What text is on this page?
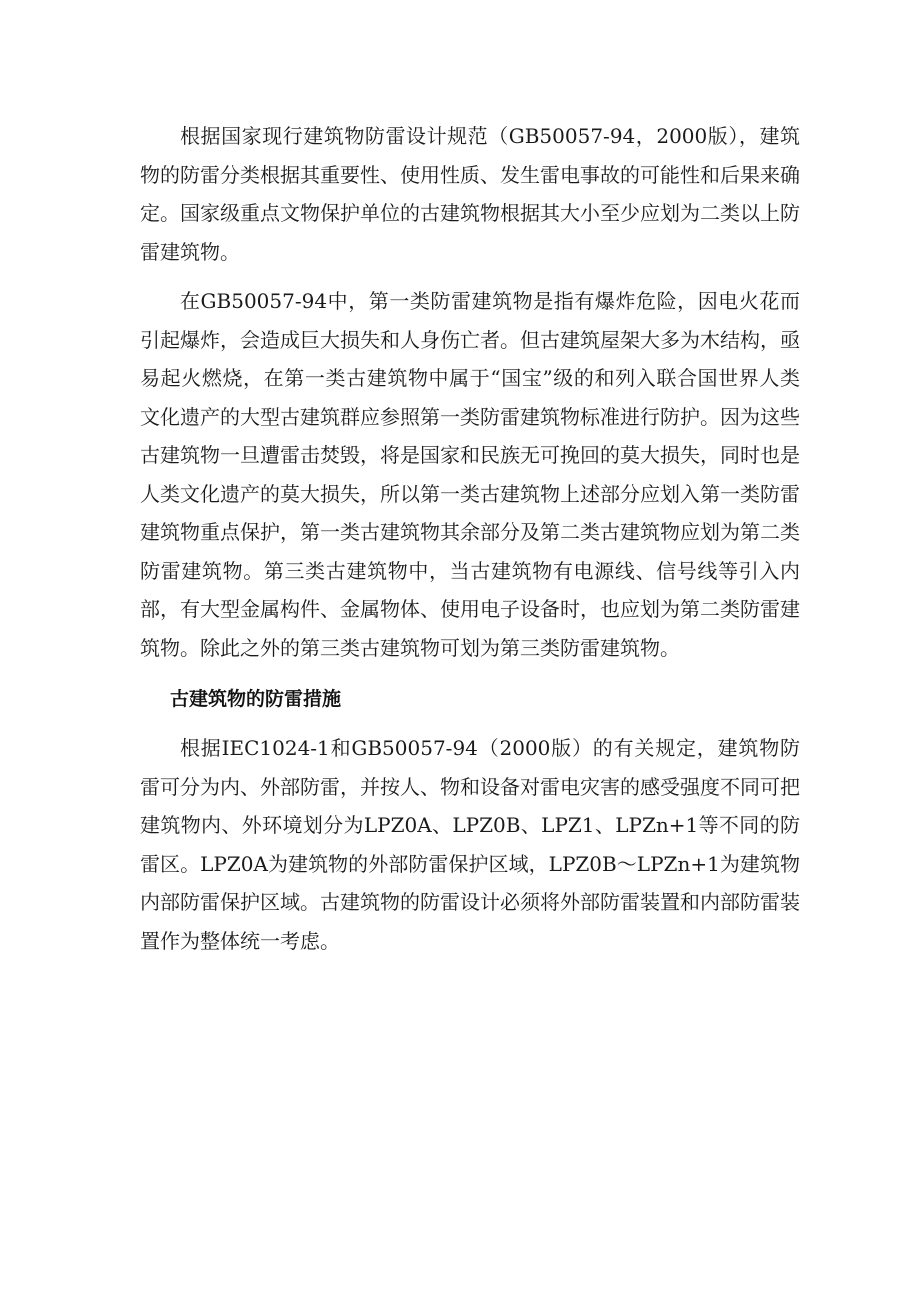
根据国家现行建筑物防雷设计规范（GB50057-94，2000版），建筑物的防雷分类根据其重要性、使用性质、发生雷电事故的可能性和后果来确定。国家级重点文物保护单位的古建筑物根据其大小至少应划为二类以上防雷建筑物。

在GB50057-94中，第一类防雷建筑物是指有爆炸危险，因电火花而引起爆炸，会造成巨大损失和人身伤亡者。但古建筑屋架大多为木结构，亟易起火燃烧，在第一类古建筑物中属于“国宝”级的和列入联合国世界人类文化遗产的大型古建筑群应参照第一类防雷建筑物标准进行防护。因为这些古建筑物一旦遭雷击焚毁，将是国家和民族无可挽回的莫大损失，同时也是人类文化遗产的莫大损失，所以第一类古建筑物上述部分应划入第一类防雷建筑物重点保护，第一类古建筑物其余部分及第二类古建筑物应划为第二类防雷建筑物。第三类古建筑物中，当古建筑物有电源线、信号线等引入内部，有大型金属构件、金属物体、使用电子设备时，也应划为第二类防雷建筑物。除此之外的第三类古建筑物可划为第三类防雷建筑物。

古建筑物的防雷措施

根据IEC1024-1和GB50057-94（2000版）的有关规定，建筑物防雷可分为内、外部防雷，并按人、物和设备对雷电灾害的感受强度不同可把建筑物内、外环境划分为LPZ0A、LPZ0B、LPZ1、LPZn+1等不同的防雷区。LPZ0A为建筑物的外部防雷保护区域，LPZ0B～LPZn+1为建筑物内部防雷保护区域。古建筑物的防雷设计必须将外部防雷装置和内部防雷装置作为整体统一考虑。
